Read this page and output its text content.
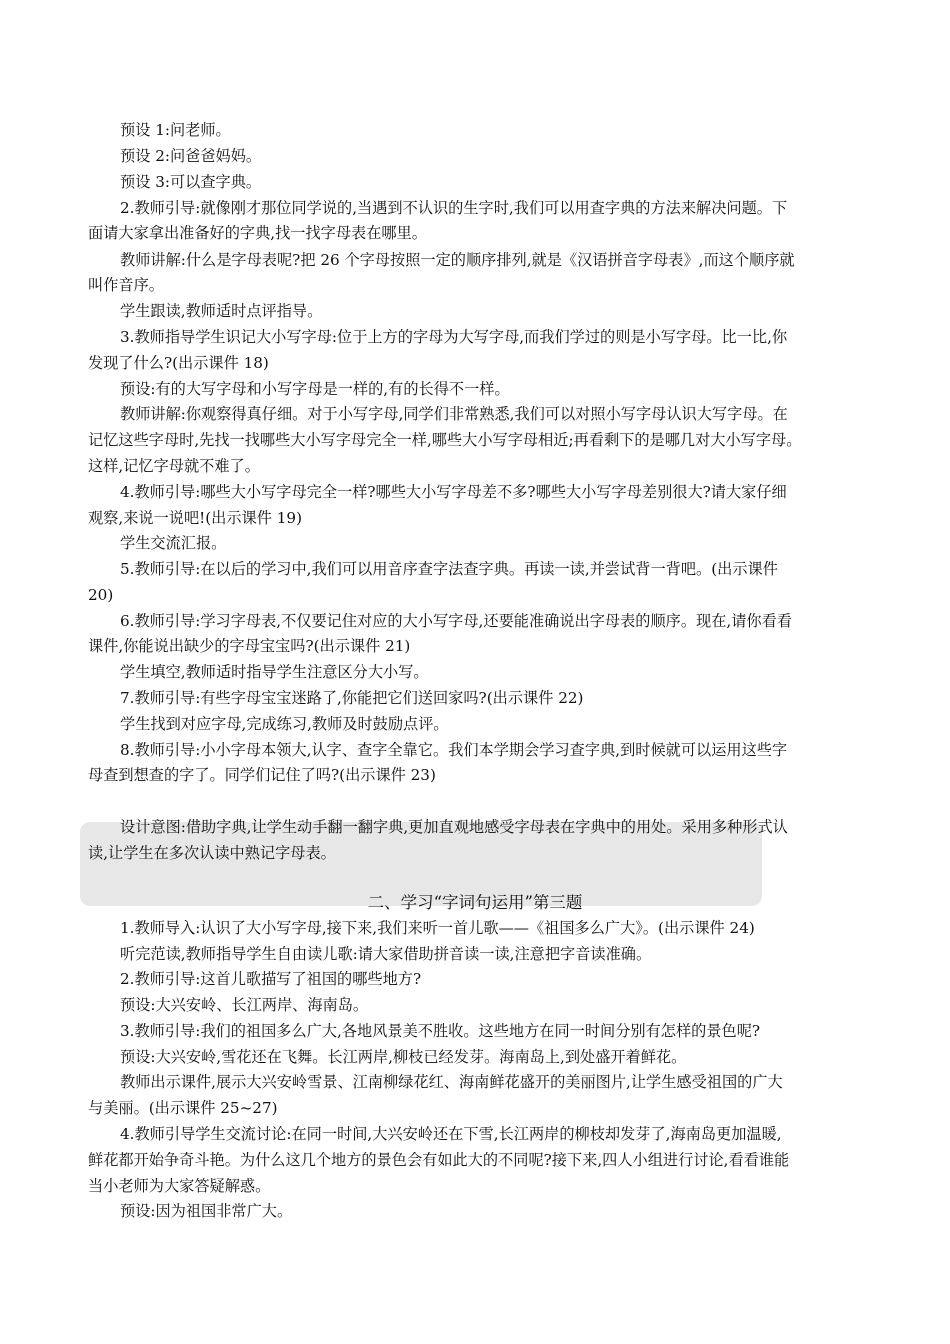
预设 1:问老师。
预设 2:问爸爸妈妈。
预设 3:可以查字典。
2.教师引导:就像刚才那位同学说的,当遇到不认识的生字时,我们可以用查字典的方法来解决问题。下
面请大家拿出准备好的字典,找一找字母表在哪里。
教师讲解:什么是字母表呢?把 26 个字母按照一定的顺序排列,就是《汉语拼音字母表》,而这个顺序就
叫作音序。
学生跟读,教师适时点评指导。
3.教师指导学生识记大小写字母:位于上方的字母为大写字母,而我们学过的则是小写字母。比一比,你
发现了什么?(出示课件 18)
预设:有的大写字母和小写字母是一样的,有的长得不一样。
教师讲解:你观察得真仔细。对于小写字母,同学们非常熟悉,我们可以对照小写字母认识大写字母。在
记忆这些字母时,先找一找哪些大小写字母完全一样,哪些大小写字母相近;再看剩下的是哪几对大小写字母。
这样,记忆字母就不难了。
4.教师引导:哪些大小写字母完全一样?哪些大小写字母差不多?哪些大小写字母差别很大?请大家仔细
观察,来说一说吧!(出示课件 19)
学生交流汇报。
5.教师引导:在以后的学习中,我们可以用音序查字法查字典。再读一读,并尝试背一背吧。(出示课件
20)
6.教师引导:学习字母表,不仅要记住对应的大小写字母,还要能准确说出字母表的顺序。现在,请你看看
课件,你能说出缺少的字母宝宝吗?(出示课件 21)
学生填空,教师适时指导学生注意区分大小写。
7.教师引导:有些字母宝宝迷路了,你能把它们送回家吗?(出示课件 22)
学生找到对应字母,完成练习,教师及时鼓励点评。
8.教师引导:小小字母本领大,认字、查字全靠它。我们本学期会学习查字典,到时候就可以运用这些字
母查到想查的字了。同学们记住了吗?(出示课件 23)
设计意图:借助字典,让学生动手翻一翻字典,更加直观地感受字母表在字典中的用处。采用多种形式认
读,让学生在多次认读中熟记字母表。
二、学习“字词句运用”第三题
1.教师导入:认识了大小写字母,接下来,我们来听一首儿歌——《祖国多么广大》。(出示课件 24)
听完范读,教师指导学生自由读儿歌:请大家借助拼音读一读,注意把字音读准确。
2.教师引导:这首儿歌描写了祖国的哪些地方?
预设:大兴安岭、长江两岸、海南岛。
3.教师引导:我们的祖国多么广大,各地风景美不胜收。这些地方在同一时间分别有怎样的景色呢?
预设:大兴安岭,雪花还在飞舞。长江两岸,柳枝已经发芽。海南岛上,到处盛开着鲜花。
教师出示课件,展示大兴安岭雪景、江南柳绿花红、海南鲜花盛开的美丽图片,让学生感受祖国的广大
与美丽。(出示课件 25~27)
4.教师引导学生交流讨论:在同一时间,大兴安岭还在下雪,长江两岸的柳枝却发芽了,海南岛更加温暖,
鲜花都开始争奇斗艳。为什么这几个地方的景色会有如此大的不同呢?接下来,四人小组进行讨论,看看谁能
当小老师为大家答疑解惑。
预设:因为祖国非常广大。
